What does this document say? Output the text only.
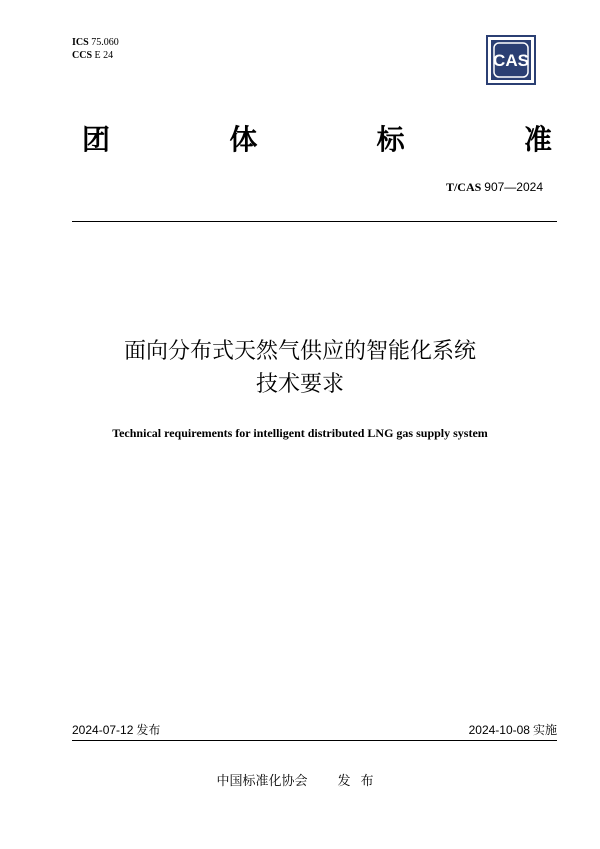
ICS 75.060
CCS E 24	CAS
团	体	标	准
T/CAS 907—2024
面向分布式天然气供应的智能化系统
技术要求
Technical requirements for intelligent distributed LNG gas supply system
2024-07-12 发布	2024-10-08 实施
中国标准化协会 发布
